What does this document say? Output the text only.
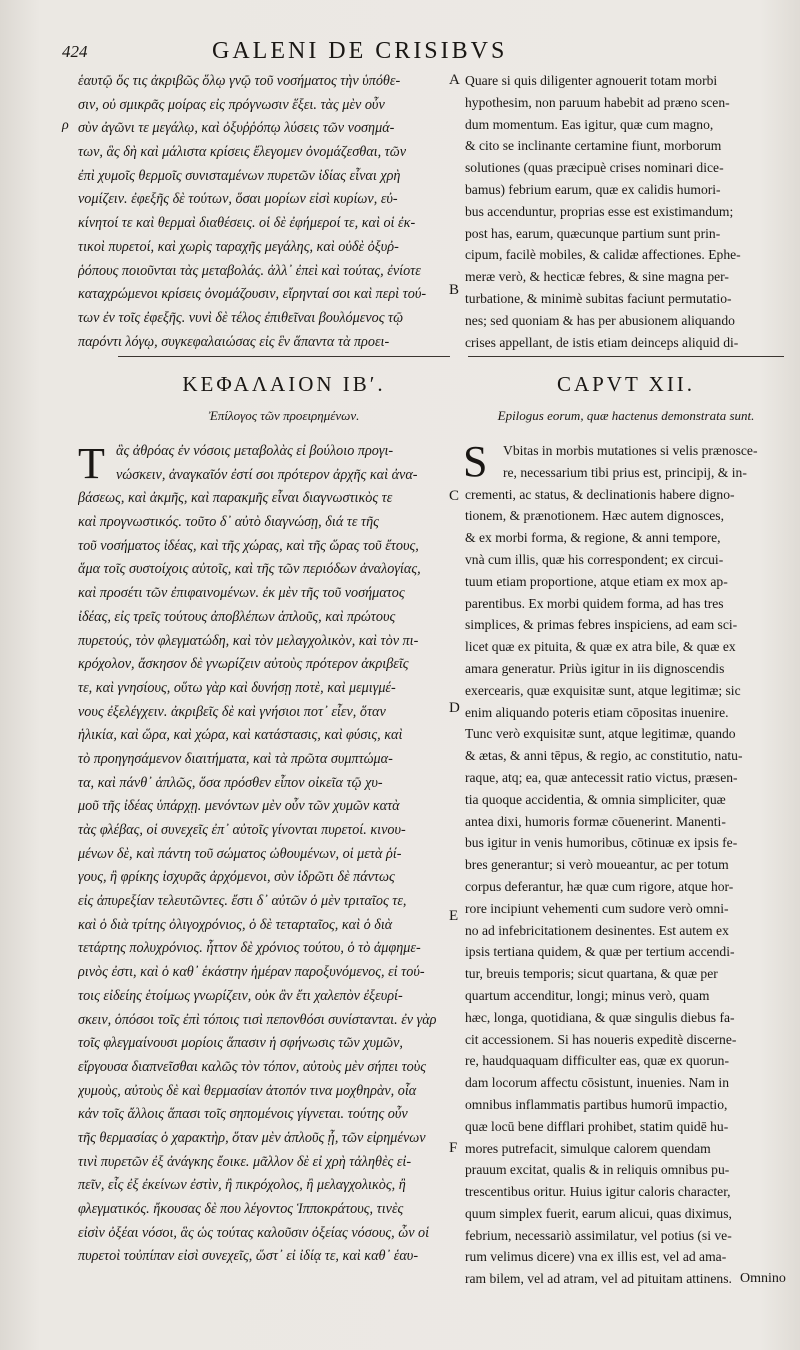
424	GALENI DE CRISIBVS
ρ
ἑαυτῷ ὅς τις ἀκριβῶς ὅλῳ γνῷ τοῦ νοσήματος τὴν ὑπόθε-
σιν, οὐ σμικρᾶς μοίρας εἰς πρόγνωσιν ἕξει. τὰς μὲν οὖν
σὺν ἀγῶνι τε μεγάλῳ, καὶ ὀξυῤῥόπῳ λύσεις τῶν νοσημά-
των, ἃς δὴ καὶ μάλιστα κρίσεις ἔλεγομεν ὀνομάζεσθαι, τῶν
ἐπὶ χυμοῖς θερμοῖς συνισταμένων πυρετῶν ἰδίας εἶναι χρὴ
νομίζειν. ἐφεξῆς δὲ τούτων, ὅσαι μορίων εἰσὶ κυρίων, εὐ-
κίνητοί τε καὶ θερμαὶ διαθέσεις. οἱ δὲ ἐφήμεροί τε, καὶ οἱ ἐκ-
τικοὶ πυρετοί, καὶ χωρὶς ταραχῆς μεγάλης, καὶ οὐδὲ ὀξυῤ-
ῥόπους ποιοῦνται τὰς μεταβολάς. ἀλλ᾽ ἐπεὶ καὶ τούτας, ἐνίοτε
καταχρώμενοι κρίσεις ὀνομάζουσιν, εἴρηνταί σοι καὶ περὶ τού-
των ἐν τοῖς ἐφεξῆς. νυνὶ δὲ τέλος ἐπιθεῖναι βουλόμενος τῷ
παρόντι λόγῳ, συγκεφαλαιώσας εἰς ἓν ἅπαντα τὰ προει-
Quare si quis diligenter agnouerit totam morbi
hypothesim, non paruum habebit ad præno scen-
dum momentum. Eas igitur, quæ cum magno,
& cito se inclinante certamine fiunt, morborum
solutiones (quas præcipuè crises nominari dice-
bamus) febrium earum, quæ ex calidis humori-
bus accenduntur, proprias esse est existimandum;
post has, earum, quæcunque partium sunt prin-
cipum, facilè mobiles, & calidæ affectiones. Ephe-
meræ verò, & hecticæ febres, & sine magna per-
turbatione, & minimè subitas faciunt permutatio-
nes; sed quoniam & has per abusionem aliquando
crises appellant, de istis etiam deinceps aliquid di-
A
B
ΚΕΦΑΛΑΙΟΝ ΙΒʹ.
Ἐπίλογος τῶν προειρημένων.
CAPVT XII.
Epilogus eorum, quæ hactenus demonstrata sunt.
Τ	S
ἃς ἀθρόας ἐν νόσοις μεταβολὰς εἰ βούλοιο προγι-
νώσκειν, ἀναγκαῖόν ἐστί σοι πρότερον ἀρχῆς καὶ ἀνα-
βάσεως, καὶ ἀκμῆς, καὶ παρακμῆς εἶναι διαγνωστικὸς τε
καὶ προγνωστικός. τοῦτο δ᾽ αὐτὸ διαγνώσῃ, διά τε τῆς
τοῦ νοσήματος ἰδέας, καὶ τῆς χώρας, καὶ τῆς ὥρας τοῦ ἔτους,
ἅμα τοῖς συστοίχοις αὐτοῖς, καὶ τῆς τῶν περιόδων ἀναλογίας,
καὶ προσέτι τῶν ἐπιφαινομένων. ἐκ μὲν τῆς τοῦ νοσήματος
ἰδέας, εἰς τρεῖς τούτους ἀποβλέπων ἁπλοῦς, καὶ πρώτους
πυρετούς, τὸν φλεγματώδη, καὶ τὸν μελαγχολικὸν, καὶ τὸν πι-
κρόχολον, ἄσκησον δὲ γνωρίζειν αὐτοὺς πρότερον ἀκριβεῖς
τε, καὶ γνησίους, οὕτω γὰρ καὶ δυνήσῃ ποτὲ, καὶ μεμιγμέ-
νους ἐξελέγχειν. ἀκριβεῖς δὲ καὶ γνήσιοι ποτ᾽ εἶεν, ὅταν
ἡλικία, καὶ ὥρα, καὶ χώρα, καὶ κατάστασις, καὶ φύσις, καὶ
τὸ προηγησάμενον διαιτήματα, καὶ τὰ πρῶτα συμπτώμα-
τα, καὶ πάνθ᾽ ἁπλῶς, ὅσα πρόσθεν εἶπον οἰκεῖα τῷ χυ-
μοῦ τῆς ἰδέας ὑπάρχῃ. μενόντων μὲν οὖν τῶν χυμῶν κατὰ
τὰς φλέβας, οἱ συνεχεῖς ἐπ᾽ αὐτοῖς γίνονται πυρετοί. κινου-
μένων δὲ, καὶ πάντη τοῦ σώματος ὠθουμένων, οἱ μετὰ ῥί-
γους, ἢ φρίκης ἰσχυρᾶς ἀρχόμενοι, σὺν ἱδρῶτι δὲ πάντως
εἰς ἀπυρεξίαν τελευτῶντες. ἔστι δ᾽ αὐτῶν ὁ μὲν τριταῖος τε,
καὶ ὁ διὰ τρίτης ὀλιγοχρόνιος, ὁ δὲ τεταρταῖος, καὶ ὁ διὰ
τετάρτης πολυχρόνιος. ἧττον δὲ χρόνιος τούτου, ὁ τὸ ἀμφημε-
ρινὸς ἐστι, καὶ ὁ καθ᾽ ἑκάστην ἡμέραν παροξυνόμενος, εἰ τού-
τοις εἰδείης ἑτοίμως γνωρίζειν, οὐκ ἂν ἔτι χαλεπὸν ἐξευρί-
σκειν, ὁπόσοι τοῖς ἐπὶ τόποις τισὶ πεπονθόσι συνίστανται. ἐν γὰρ
τοῖς φλεγμαίνουσι μορίοις ἅπασιν ἡ σφήνωσις τῶν χυμῶν,
εἴργουσα διαπνεῖσθαι καλῶς τὸν τόπον, αὐτοὺς μὲν σήπει τοὺς
χυμοὺς, αὐτοὺς δὲ καὶ θερμασίαν ἀτοπόν τινα μοχθηρὰν, οἷα
κἀν τοῖς ἄλλοις ἅπασι τοῖς σηπομένοις γίγνεται. τούτης οὖν
τῆς θερμασίας ὁ χαρακτὴρ, ὅταν μὲν ἁπλοῦς ᾖ, τῶν εἰρημένων
τινὶ πυρετῶν ἐξ ἀνάγκης ἔοικε. μᾶλλον δὲ εἰ χρὴ τἀληθὲς εἰ-
πεῖν, εἷς ἐξ ἐκείνων ἐστὶν, ἢ πικρόχολος, ἢ μελαγχολικὸς, ἢ
φλεγματικός. ἤκουσας δὲ που λέγοντος Ἱπποκράτους, τινὲς
εἰσὶν ὀξέαι νόσοι, ἃς ὡς τούτας καλοῦσιν ὀξείας νόσους, ὧν οἱ
πυρετοὶ τοὐπίπαν εἰσὶ συνεχεῖς, ὥστ᾽ εἰ ἰδίᾳ τε, καὶ καθ᾽ ἑαυ-
Vbitas in morbis mutationes si velis prænosce-
re, necessarium tibi prius est, principij, & in-
crementi, ac status, & declinationis habere digno-
tionem, & prænotionem. Hæc autem dignosces,
& ex morbi forma, & regione, & anni tempore,
vnà cum illis, quæ his correspondent; ex circui-
tuum etiam proportione, atque etiam ex mox ap-
parentibus. Ex morbi quidem forma, ad has tres
simplices, & primas febres inspiciens, ad eam sci-
licet quæ ex pituita, & quæ ex atra bile, & quæ ex
amara generatur. Priùs igitur in iis dignoscendis
exercearis, quæ exquisitæ sunt, atque legitimæ; sic
enim aliquando poteris etiam cōpositas inuenire.
Tunc verò exquisitæ sunt, atque legitimæ, quando
& ætas, & anni tēpus, & regio, ac constitutio, natu-
raque, atq; ea, quæ antecessit ratio victus, præsen-
tia quoque accidentia, & omnia simpliciter, quæ
antea dixi, humoris formæ cōuenerint. Manenti-
bus igitur in venis humoribus, cōtinuæ ex ipsis fe-
bres generantur; si verò moueantur, ac per totum
corpus deferantur, hæ quæ cum rigore, atque hor-
rore incipiunt vehementi cum sudore verò omni-
no ad infebricitationem desinentes. Est autem ex
ipsis tertiana quidem, & quæ per tertium accendi-
tur, breuis temporis; sicut quartana, & quæ per
quartum accenditur, longi; minus verò, quam
hæc, longa, quotidiana, & quæ singulis diebus fa-
cit accessionem. Si has noueris expeditè discerne-
re, haudquaquam difficulter eas, quæ ex quorun-
dam locorum affectu cōsistunt, inuenies. Nam in
omnibus inflammatis partibus humorū impactio,
quæ locū bene difflari prohibet, statim quidē hu-
mores putrefacit, simulque calorem quendam
prauum excitat, qualis & in reliquis omnibus pu-
trescentibus oritur. Huius igitur caloris character,
quum simplex fuerit, earum alicui, quas diximus,
febrium, necessariò assimilatur, vel potius (si ve-
rum velimus dicere) vna ex illis est, vel ad ama-
ram bilem, vel ad atram, vel ad pituitam attinens.
C
D
E
F
Omnino
